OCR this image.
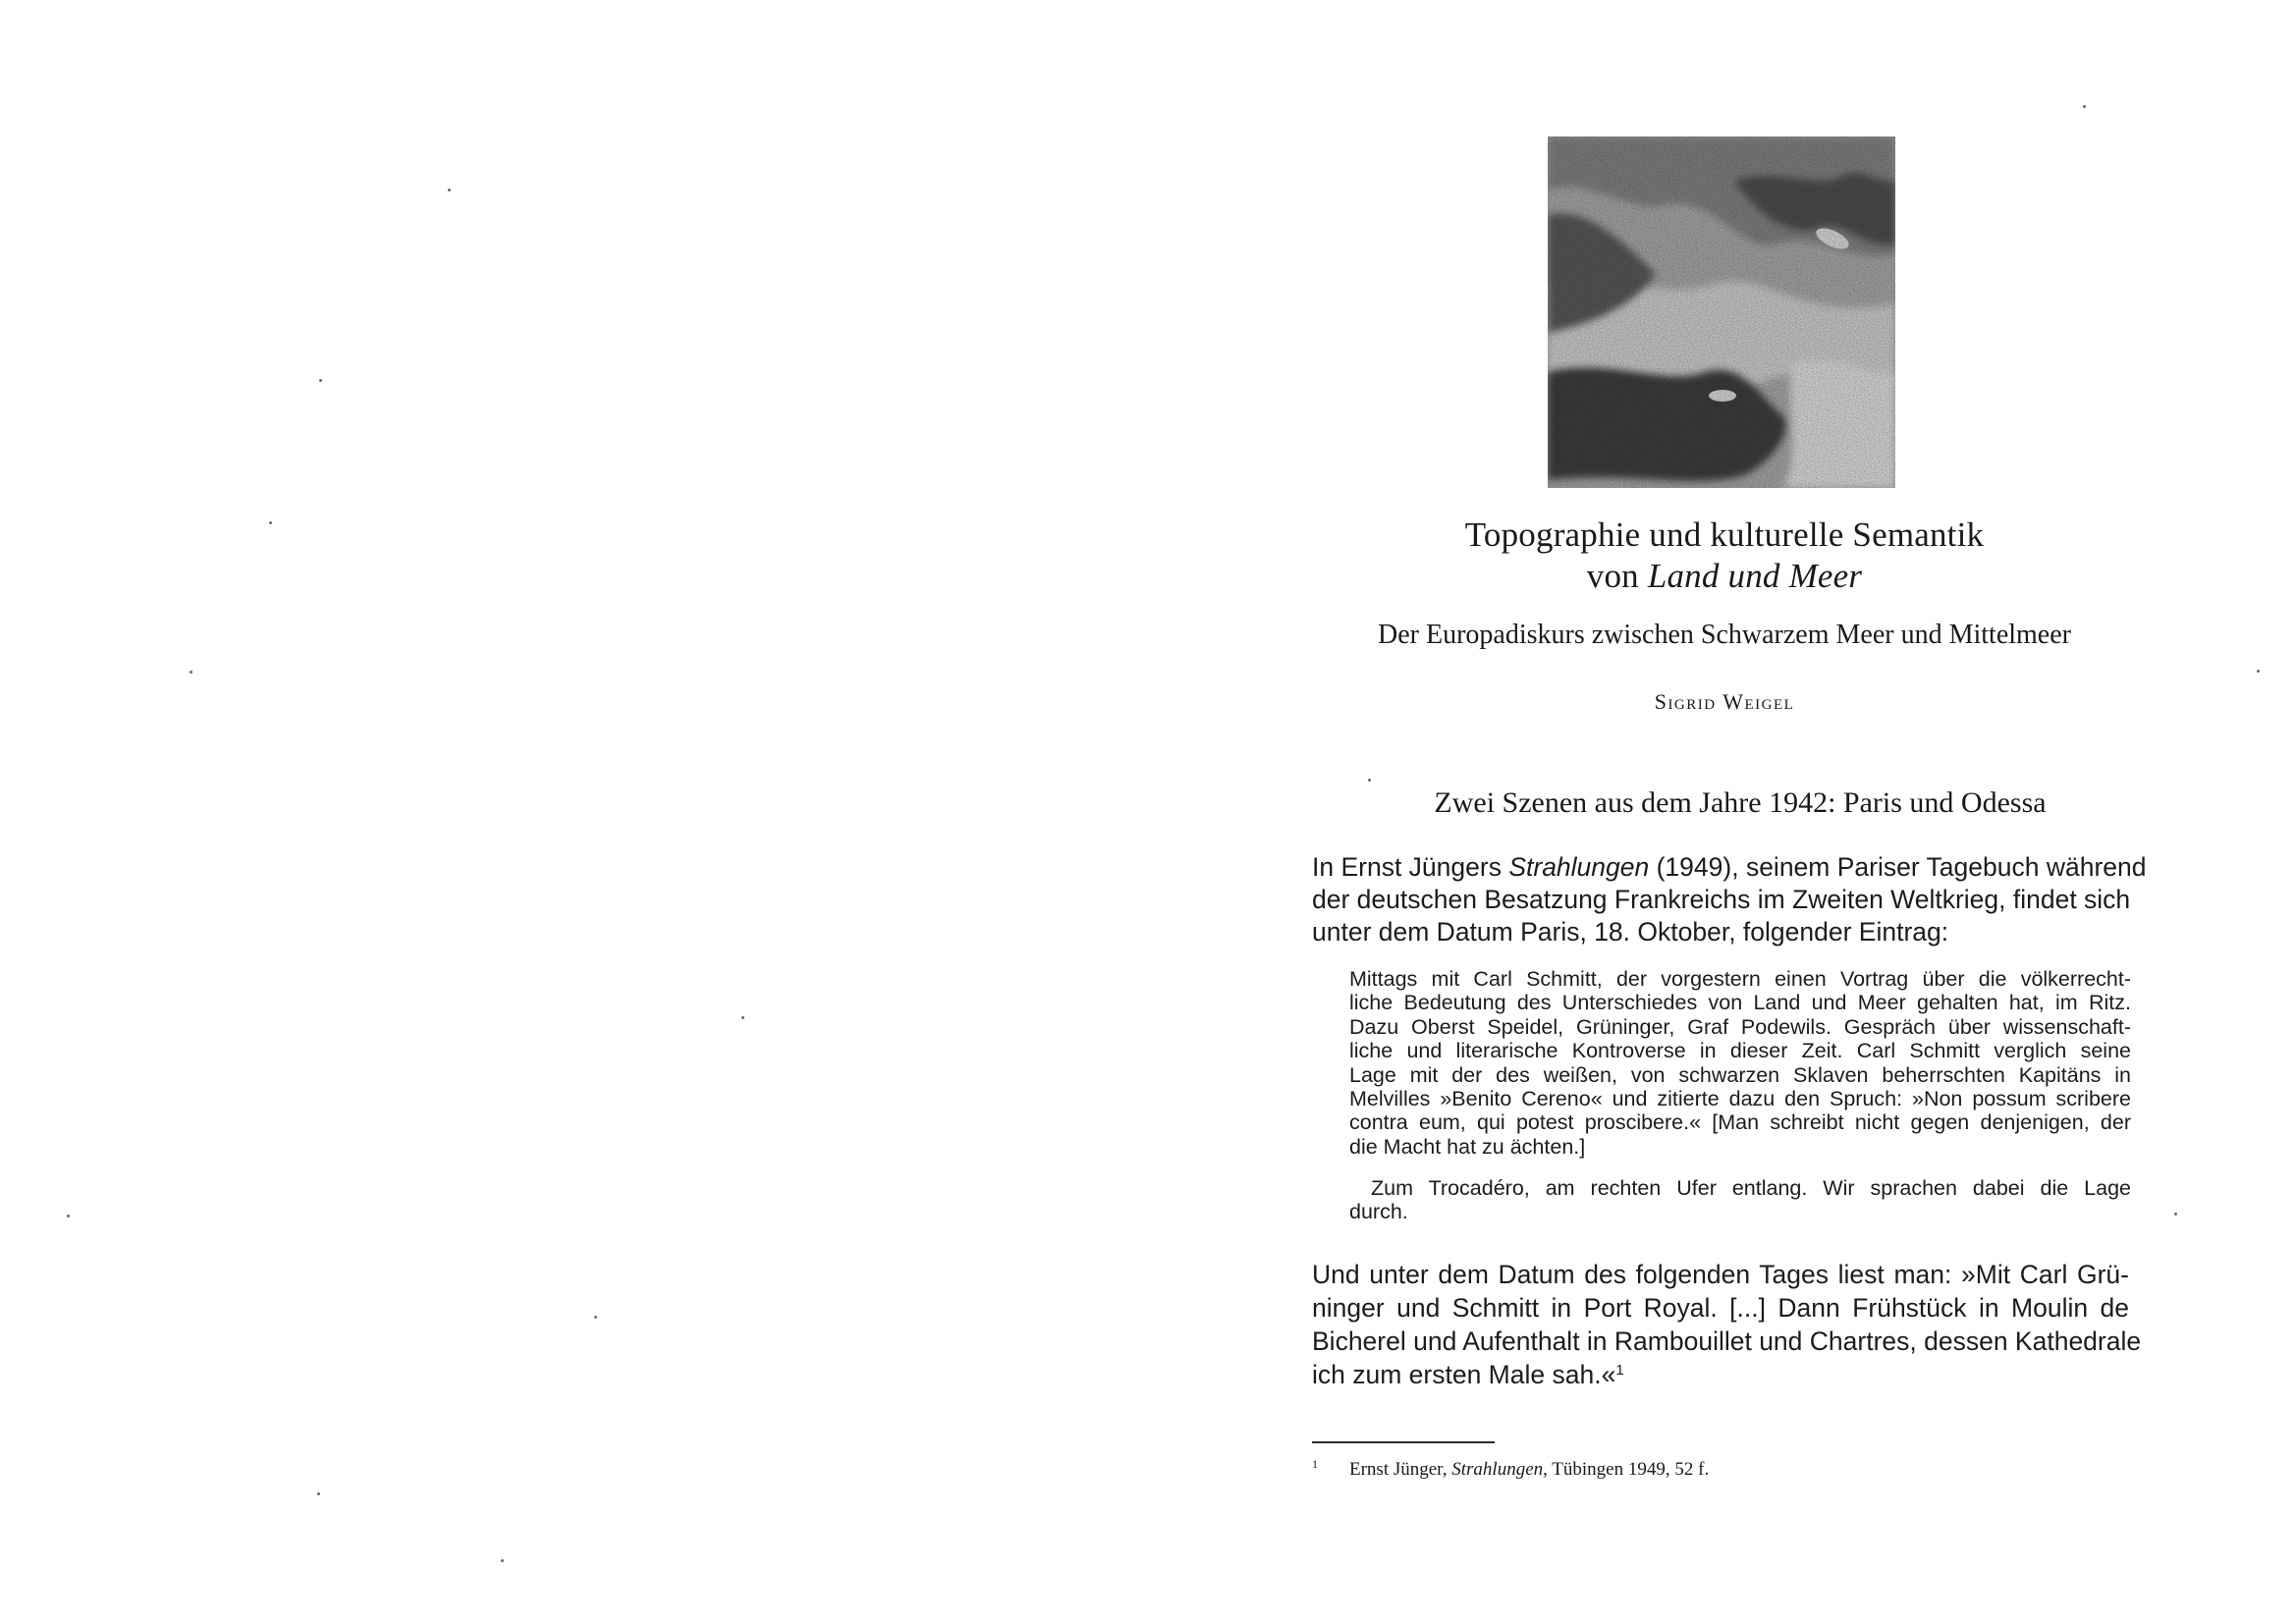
Topographie und kulturelle Semantik
von Land und Meer
Der Europadiskurs zwischen Schwarzem Meer und Mittelmeer
Sigrid Weigel
Zwei Szenen aus dem Jahre 1942: Paris und Odessa
In Ernst Jüngers Strahlungen (1949), seinem Pariser Tagebuch während
der deutschen Besatzung Frankreichs im Zweiten Weltkrieg, findet sich
unter dem Datum Paris, 18. Oktober, folgender Eintrag:
Mittags mit Carl Schmitt, der vorgestern einen Vortrag über die völkerrecht-
liche Bedeutung des Unterschiedes von Land und Meer gehalten hat, im Ritz.
Dazu Oberst Speidel, Grüninger, Graf Podewils. Gespräch über wissenschaft-
liche und literarische Kontroverse in dieser Zeit. Carl Schmitt verglich seine
Lage mit der des weißen, von schwarzen Sklaven beherrschten Kapitäns in
Melvilles »Benito Cereno« und zitierte dazu den Spruch: »Non possum scribere
contra eum, qui potest proscibere.« [Man schreibt nicht gegen denjenigen, der
die Macht hat zu ächten.]
Zum Trocadéro, am rechten Ufer entlang. Wir sprachen dabei die Lage
durch.
Und unter dem Datum des folgenden Tages liest man: »Mit Carl Grü-
ninger und Schmitt in Port Royal. [...] Dann Frühstück in Moulin de
Bicherel und Aufenthalt in Rambouillet und Chartres, dessen Kathedrale
ich zum ersten Male sah.«$^1$
1 Ernst Jünger, Strahlungen, Tübingen 1949, 52 f.
